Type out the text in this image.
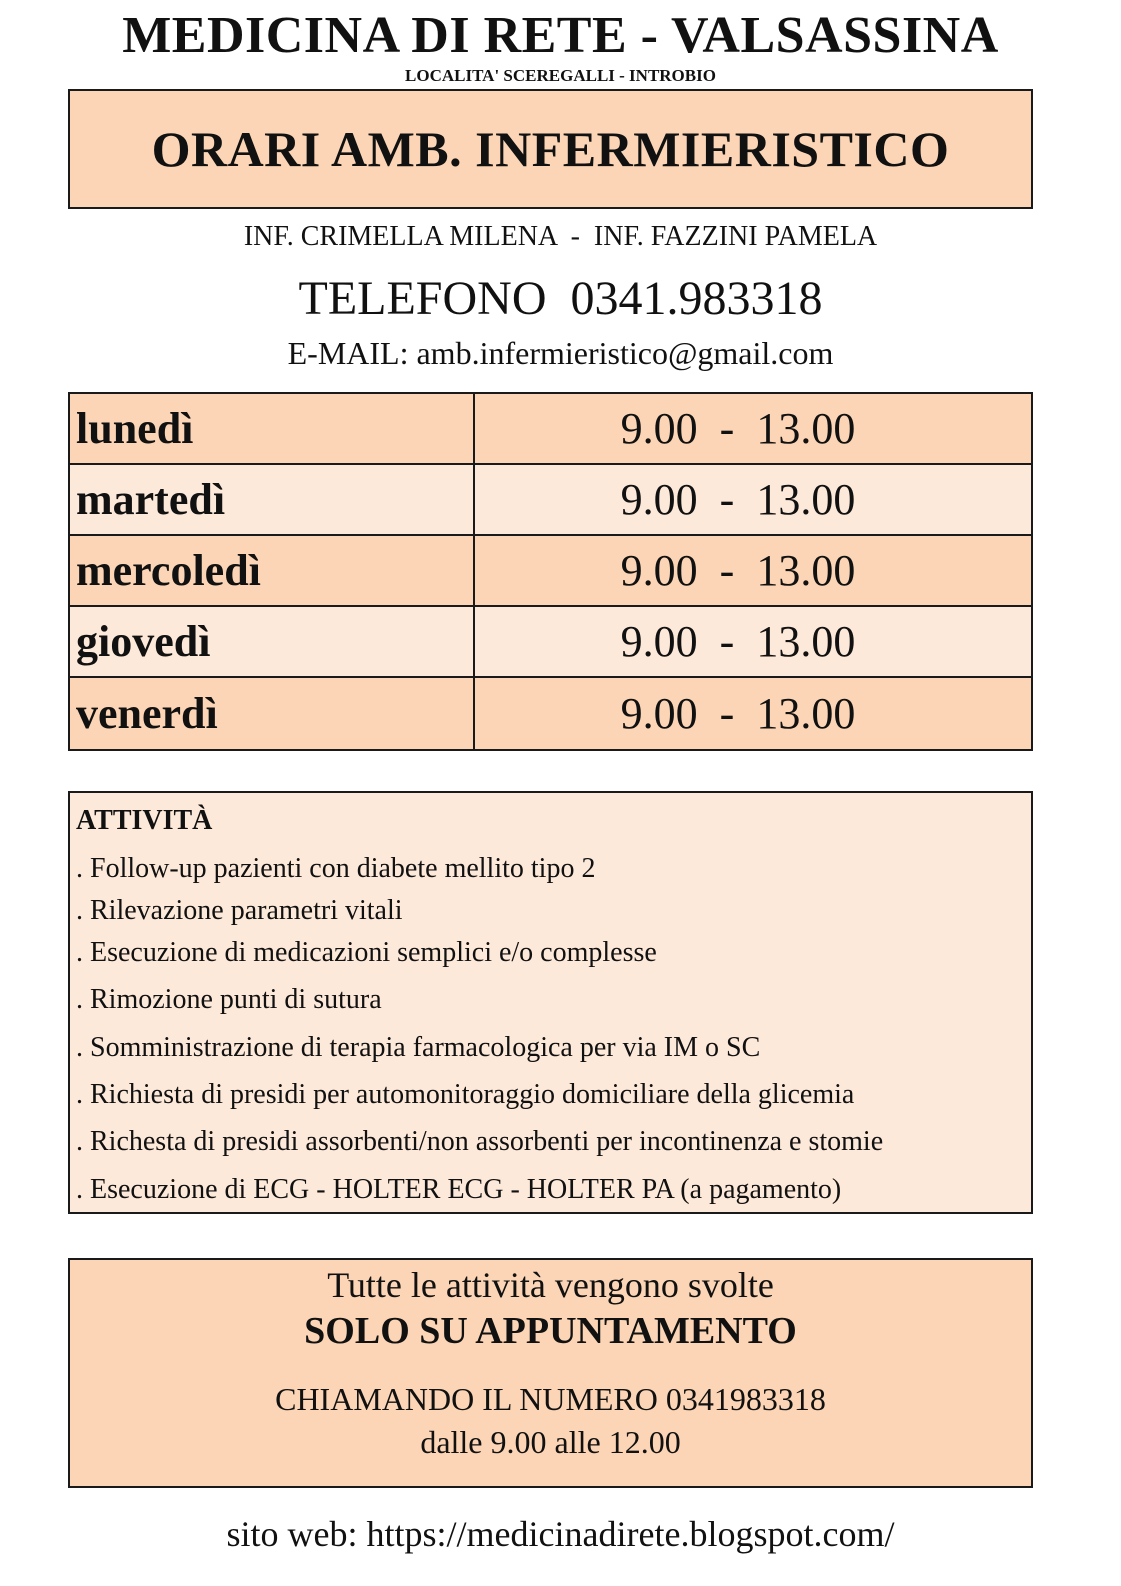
MEDICINA DI RETE - VALSASSINA
LOCALITA' SCEREGALLI - INTROBIO
ORARI AMB. INFERMIERISTICO
INF. CRIMELLA MILENA  -  INF. FAZZINI PAMELA
TELEFONO  0341.983318
E-MAIL: amb.infermieristico@gmail.com
lunedì	9.00  -  13.00
martedì	9.00  -  13.00
mercoledì	9.00  -  13.00
giovedì	9.00  -  13.00
venerdì	9.00  -  13.00
ATTIVITÀ
. Follow-up pazienti con diabete mellito tipo 2
. Rilevazione parametri vitali
. Esecuzione di medicazioni semplici e/o complesse
. Rimozione punti di sutura
. Somministrazione di terapia farmacologica per via IM o SC
. Richiesta di presidi per automonitoraggio domiciliare della glicemia
. Richesta di presidi assorbenti/non assorbenti per incontinenza e stomie
. Esecuzione di ECG - HOLTER ECG - HOLTER PA (a pagamento)
Tutte le attività vengono svolte
SOLO SU APPUNTAMENTO
CHIAMANDO IL NUMERO 0341983318
dalle 9.00 alle 12.00
sito web: https://medicinadirete.blogspot.com/
